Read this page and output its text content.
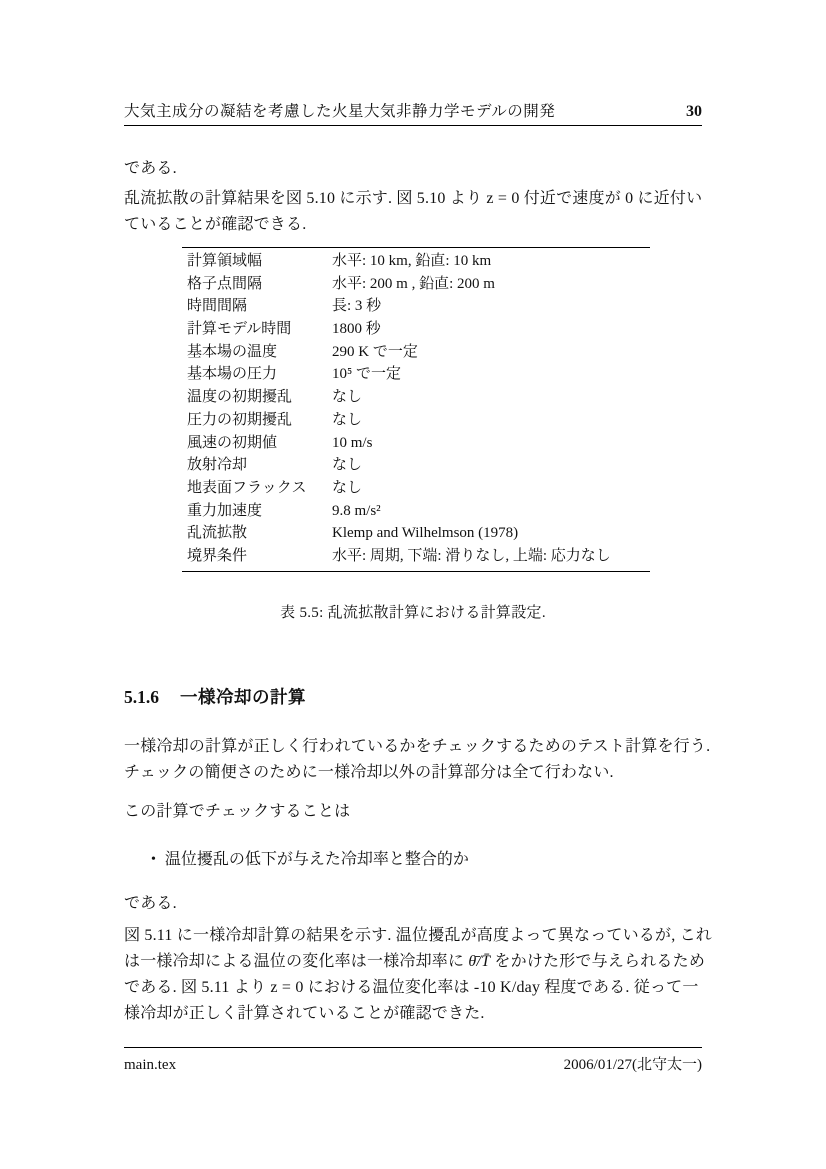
大気主成分の凝結を考慮した火星大気非静力学モデルの開発	30
である.
乱流拡散の計算結果を図 5.10 に示す. 図 5.10 より z = 0 付近で速度が 0 に近付い
ていることが確認できる.
計算領域幅	水平: 10 km, 鉛直: 10 km
格子点間隔	水平: 200 m , 鉛直: 200 m
時間間隔	長: 3 秒
計算モデル時間	1800 秒
基本場の温度	290 K で一定
基本場の圧力	10⁵ で一定
温度の初期擾乱	なし
圧力の初期擾乱	なし
風速の初期値	10 m/s
放射冷却	なし
地表面フラックス	なし
重力加速度	9.8 m/s²
乱流拡散	Klemp and Wilhelmson (1978)
境界条件	水平: 周期, 下端: 滑りなし, 上端: 応力なし
表 5.5: 乱流拡散計算における計算設定.
5.1.6 一様冷却の計算
一様冷却の計算が正しく行われているかをチェックするためのテスト計算を行う.
チェックの簡便さのために一様冷却以外の計算部分は全て行わない.
この計算でチェックすることは
• 温位擾乱の低下が与えた冷却率と整合的か
である.
図 5.11 に一様冷却計算の結果を示す. 温位擾乱が高度よって異なっているが, これ
は一様冷却による温位の変化率は一様冷却率に θ̄/T̄ をかけた形で与えられるため
である. 図 5.11 より z = 0 における温位変化率は -10 K/day 程度である. 従って一
様冷却が正しく計算されていることが確認できた.
main.tex	2006/01/27(北守太一)
